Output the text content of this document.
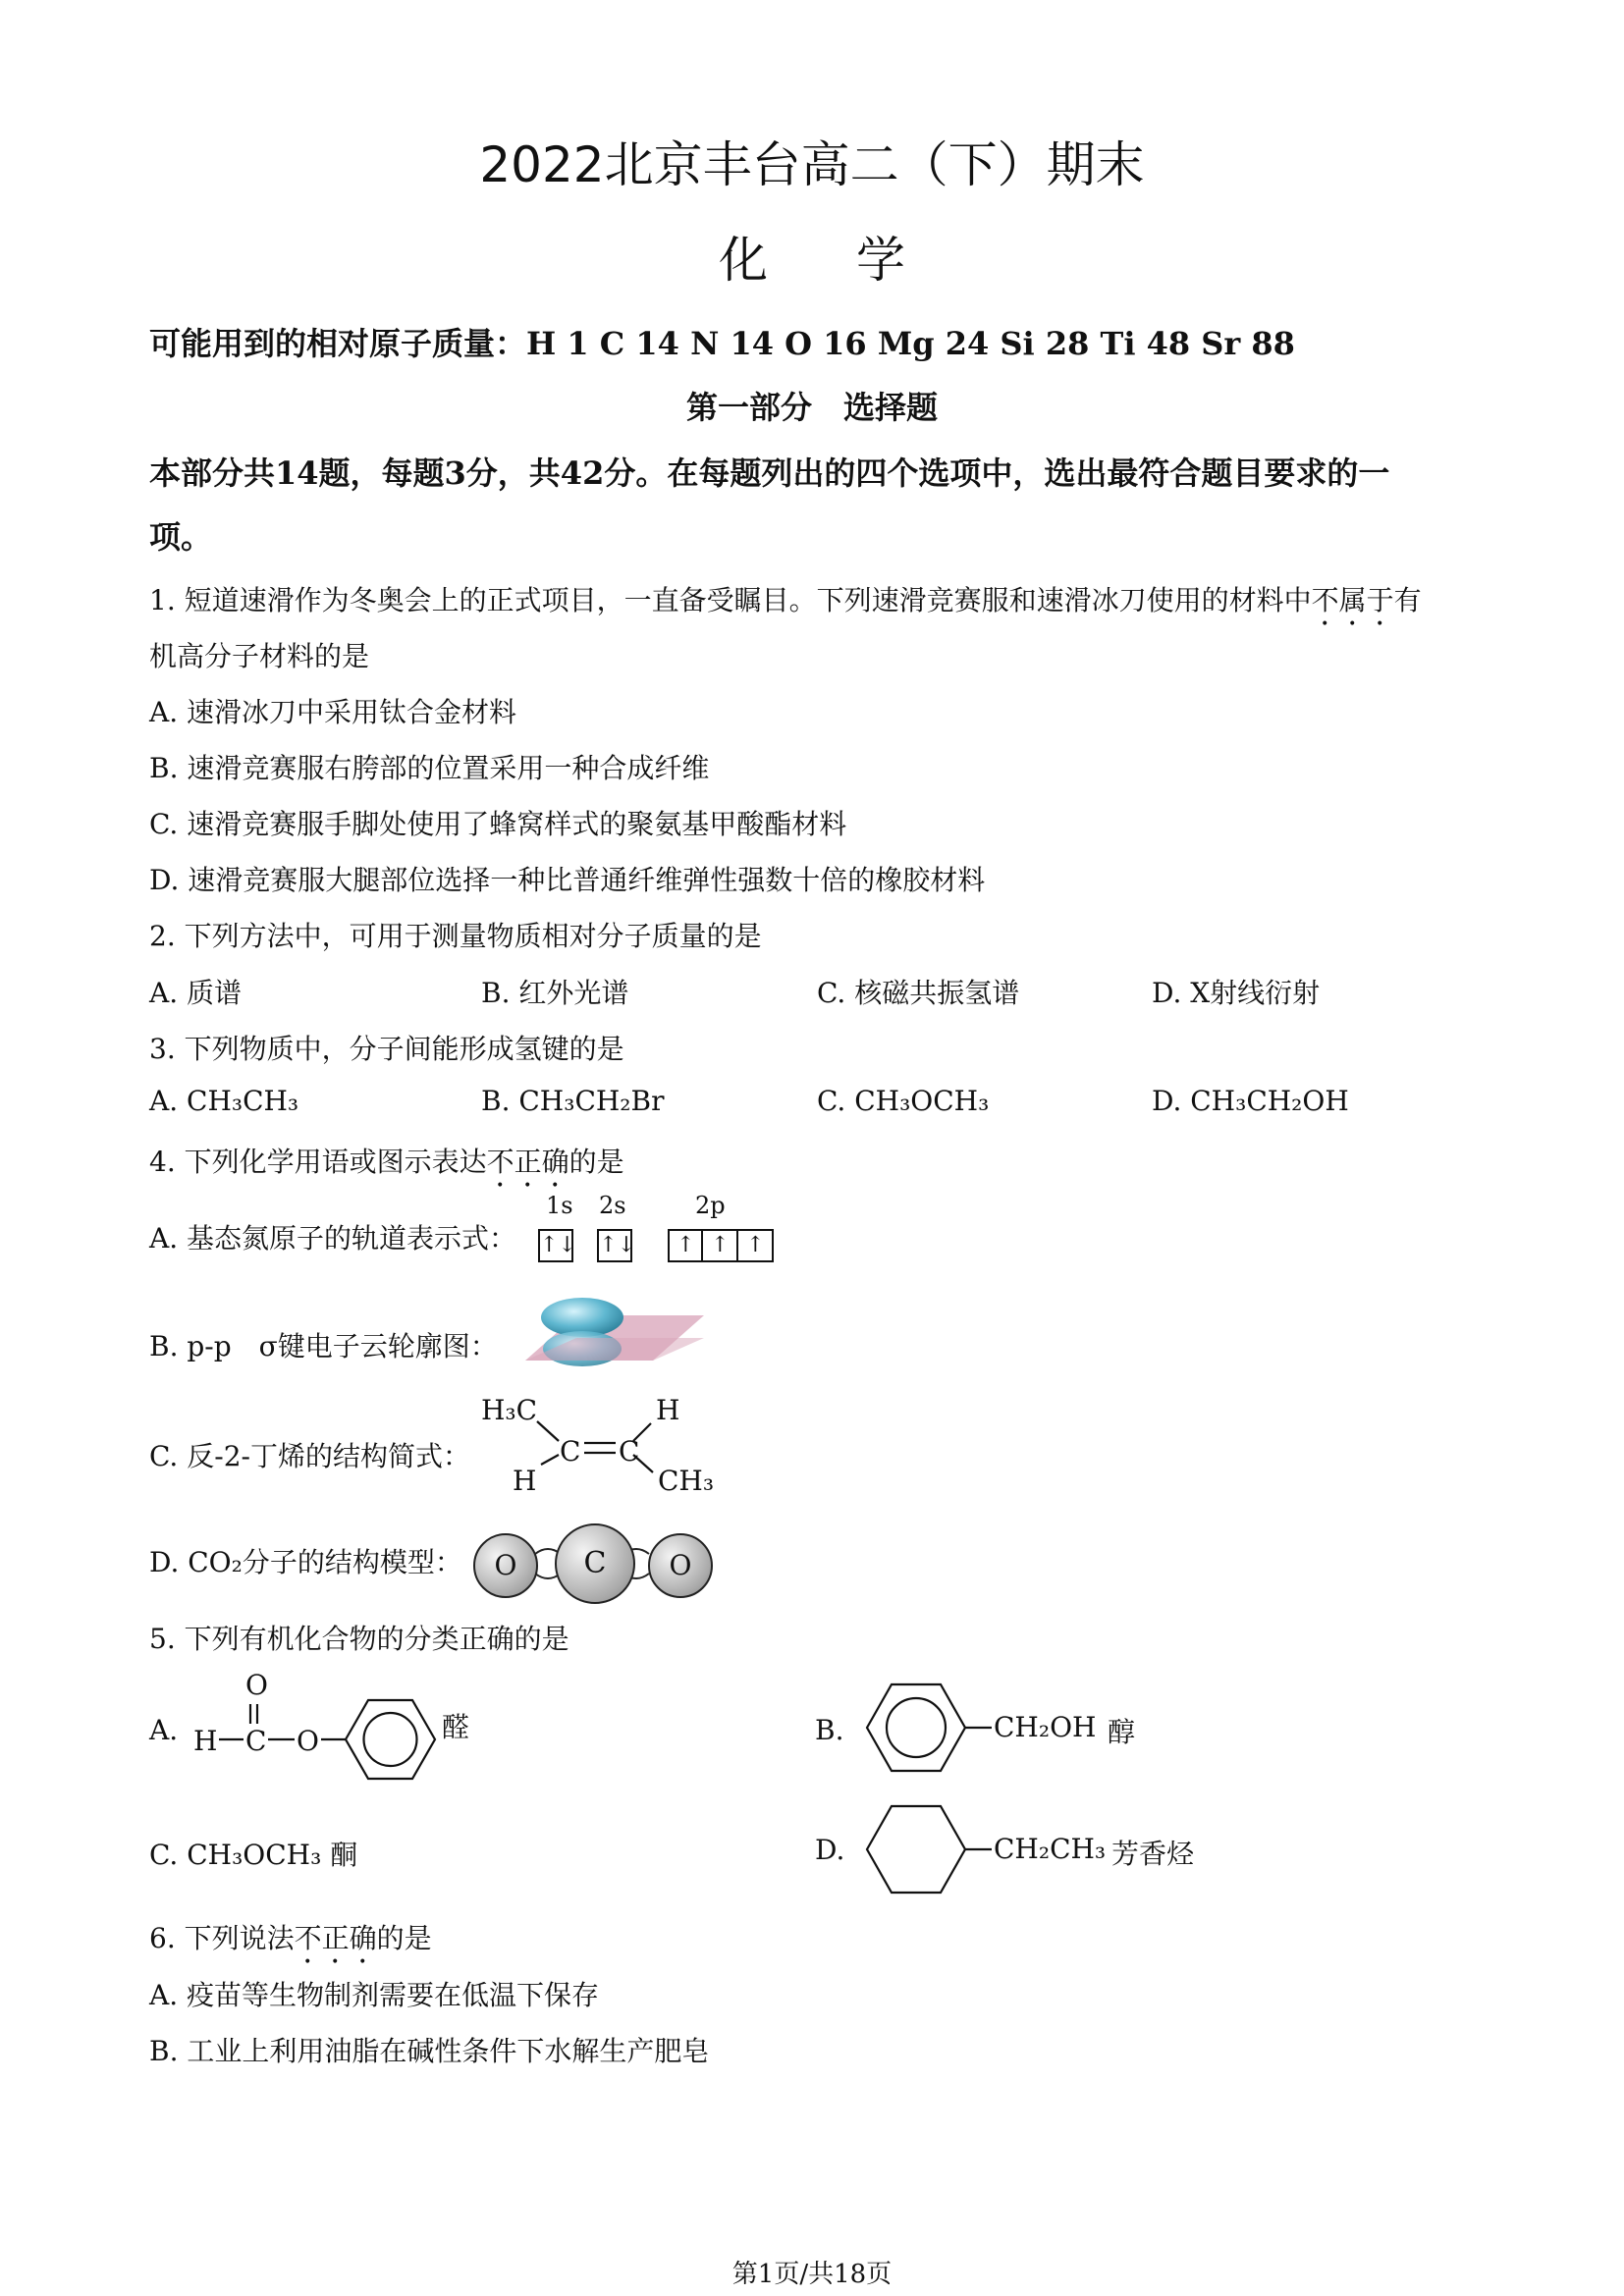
2022北京丰台高二（下）期末
化学
可能用到的相对原子质量：H 1 C 14 N 14 O 16 Mg 24 Si 28 Ti 48 Sr 88
第一部分　选择题
本部分共14题，每题3分，共42分。在每题列出的四个选项中，选出最符合题目要求的一
项。
1. 短道速滑作为冬奥会上的正式项目，一直备受瞩目。下列速滑竞赛服和速滑冰刀使用的材料中不属于有
机高分子材料的是
A. 速滑冰刀中采用钛合金材料
B. 速滑竞赛服右胯部的位置采用一种合成纤维
C. 速滑竞赛服手脚处使用了蜂窝样式的聚氨基甲酸酯材料
D. 速滑竞赛服大腿部位选择一种比普通纤维弹性强数十倍的橡胶材料
2. 下列方法中，可用于测量物质相对分子质量的是
A. 质谱	B. 红外光谱	C. 核磁共振氢谱	D. X射线衍射
3. 下列物质中，分子间能形成氢键的是
A. CH₃CH₃	B. CH₃CH₂Br	C. CH₃OCH₃	D. CH₃CH₂OH
4. 下列化学用语或图示表达不正确的是
A. 基态氮原子的轨道表示式：
1s 2s	2p
↑↓ ↑↓ ↑ ↑ ↑
B. p-p　σ键电子云轮廓图：
C. 反-2-丁烯的结构简式：
H₃C
C C
H
H	CH₃
D. CO₂分子的结构模型：	O	C	O
5. 下列有机化合物的分类正确的是
A.
O
H C O	醛	B.	CH₂OH 醇
C. CH₃OCH₃ 酮	D.	CH₂CH₃ 芳香烃
6. 下列说法不正确的是
A. 疫苗等生物制剂需要在低温下保存
B. 工业上利用油脂在碱性条件下水解生产肥皂
第1页/共18页
